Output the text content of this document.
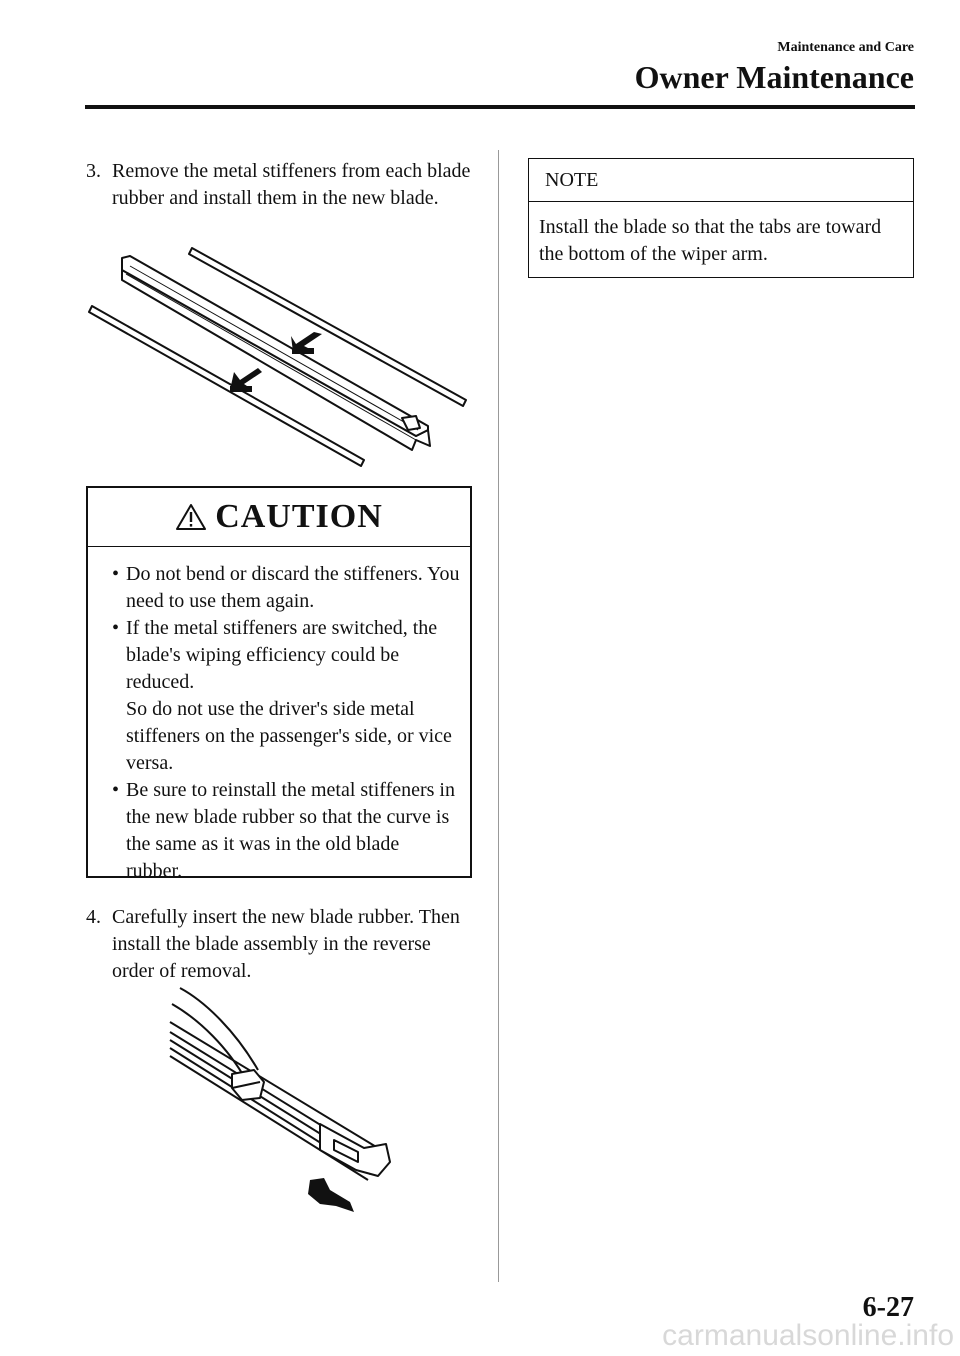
Maintenance and Care
Owner Maintenance
3. Remove the metal stiffeners from each blade rubber and install them in the new blade.
CAUTION
• Do not bend or discard the stiffeners. You need to use them again.
• If the metal stiffeners are switched, the blade's wiping efficiency could be reduced.
So do not use the driver's side metal stiffeners on the passenger's side, or vice versa.
• Be sure to reinstall the metal stiffeners in the new blade rubber so that the curve is the same as it was in the old blade rubber.
4. Carefully insert the new blade rubber. Then install the blade assembly in the reverse order of removal.
NOTE
Install the blade so that the tabs are toward the bottom of the wiper arm.
6-27
carmanualsonline.info
